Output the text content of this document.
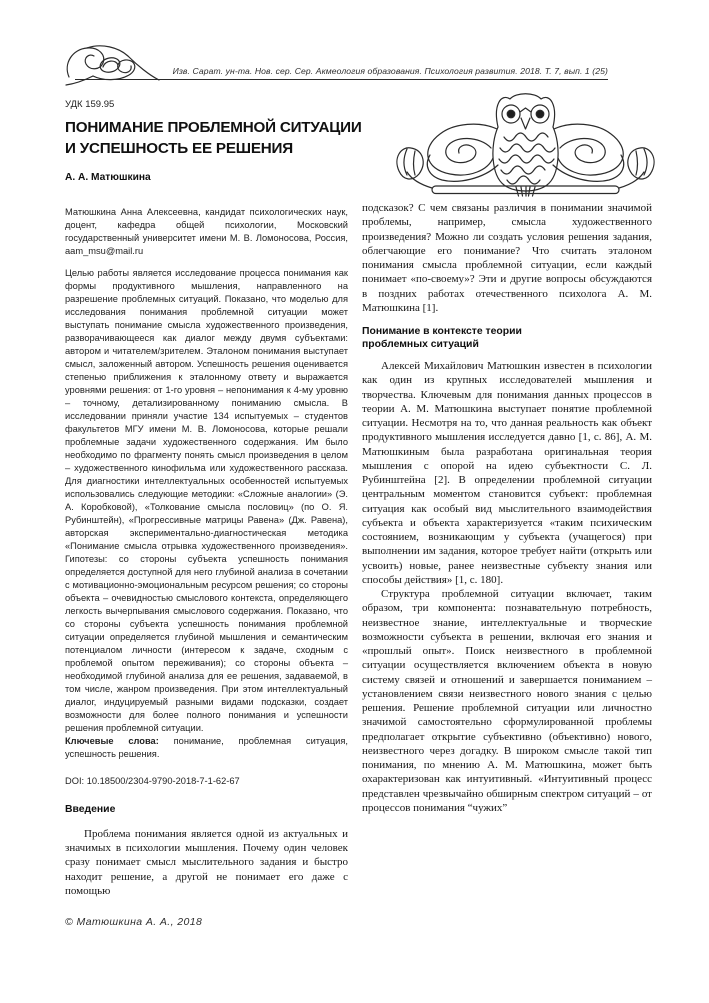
Изв. Сарат. ун-та. Нов. сер. Сер. Акмеология образования. Психология развития. 2018. Т. 7, вып. 1 (25)
УДК 159.95
ПОНИМАНИЕ ПРОБЛЕМНОЙ СИТУАЦИИ
И УСПЕШНОСТЬ ЕЕ РЕШЕНИЯ
А. А. Матюшкина

Матюшкина Анна Алексеевна, кандидат психологических наук, доцент, кафедра общей психологии, Московский государственный университет имени М. В. Ломоносова, Россия, aam_msu@mail.ru

Целью работы является исследование процесса понимания как формы продуктивного мышления, направленного на разрешение проблемных ситуаций. Показано, что моделью для исследования понимания проблемной ситуации может выступать понимание смысла художественного произведения, разворачивающееся как диалог между двумя субъектами: автором и читателем/зрителем. Эталоном понимания выступает смысл, заложенный автором. Успешность решения оценивается степенью приближения к эталонному ответу и выражается уровнями решения: от 1-го уровня – непонимания к 4-му уровню – точному, детализированному пониманию смысла. В исследовании приняли участие 134 испытуемых – студентов факультетов МГУ имени М. В. Ломоносова, которые решали проблемные задачи художественного содержания. Им было необходимо по фрагменту понять смысл произведения в целом – художественного кинофильма или художественного рассказа. Для диагностики интеллектуальных особенностей испытуемых использовались следующие методики: «Сложные аналогии» (Э. А. Коробковой), «Толкование смысла пословиц» (по О. Я. Рубинштейн), «Прогрессивные матрицы Равена» (Дж. Равена), авторская экспериментально-диагностическая методика «Понимание смысла отрывка художественного произведения». Гипотезы: со стороны субъекта успешность понимания определяется доступной для него глубиной анализа в сочетании с мотивационно-эмоциональным ресурсом решения; со стороны объекта – очевидностью смыслового контекста, определяющего легкость вычерпывания смыслового содержания. Показано, что со стороны субъекта успешность понимания проблемной ситуации определяется глубиной мышления и семантическим потенциалом личности (интересом к задаче, сходным с проблемой опытом переживания); со стороны объекта – необходимой глубиной анализа для ее решения, задаваемой, в том числе, жанром произведения. При этом интеллектуальный диалог, индуцируемый разными видами подсказки, создает возможности для более полного понимания и успешности решения проблемной ситуации.

Ключевые слова: понимание, проблемная ситуация, успешность решения.

DOI: 10.18500/2304-9790-2018-7-1-62-67

Введение

Проблема понимания является одной из актуальных и значимых в психологии мышления. Почему один человек сразу понимает смысл мыслительного задания и быстро находит решение, а другой не понимает его даже с помощью

подсказок? С чем связаны различия в понимании значимой проблемы, например, смысла художественного произведения? Можно ли создать условия решения задания, облегчающие его понимание? Что считать эталоном понимания смысла проблемной ситуации, если каждый понимает «по-своему»? Эти и другие вопросы обсуждаются в поздних работах отечественного психолога А. М. Матюшкина [1].

Понимание в контексте теории
проблемных ситуаций

Алексей Михайлович Матюшкин известен в психологии как один из крупных исследователей мышления и творчества. Ключевым для понимания данных процессов в теории А. М. Матюшкина выступает понятие проблемной ситуации. Несмотря на то, что данная реальность как объект продуктивного мышления исследуется давно [1, с. 86], А. М. Матюшкиным была разработана оригинальная теория мышления с опорой на идею субъектности С. Л. Рубинштейна [2]. В определении проблемной ситуации центральным моментом становится субъект: проблемная ситуация как особый вид мыслительного взаимодействия субъекта и объекта характеризуется «таким психическим состоянием, возникающим у субъекта (учащегося) при выполнении им задания, которое требует найти (открыть или усвоить) новые, ранее неизвестные субъекту знания или способы действия» [1, с. 180].

Структура проблемной ситуации включает, таким образом, три компонента: познавательную потребность, неизвестное знание, интеллектуальные и творческие возможности субъекта в решении, включая его знания и «прошлый опыт». Поиск неизвестного в проблемной ситуации осуществляется включением объекта в новую систему связей и отношений и завершается пониманием – установлением связи неизвестного нового знания с целью решения. Решение проблемной ситуации или личностно значимой самостоятельно сформулированной проблемы предполагает открытие субъективно (объективно) нового, неизвестного через догадку. В широком смысле такой тип понимания, по мнению А. М. Матюшкина, может быть охарактеризован как интуитивный. «Интуитивный процесс представлен чрезвычайно обширным спектром ситуаций – от процессов понимания “чужих”

© Матюшкина А. А., 2018
